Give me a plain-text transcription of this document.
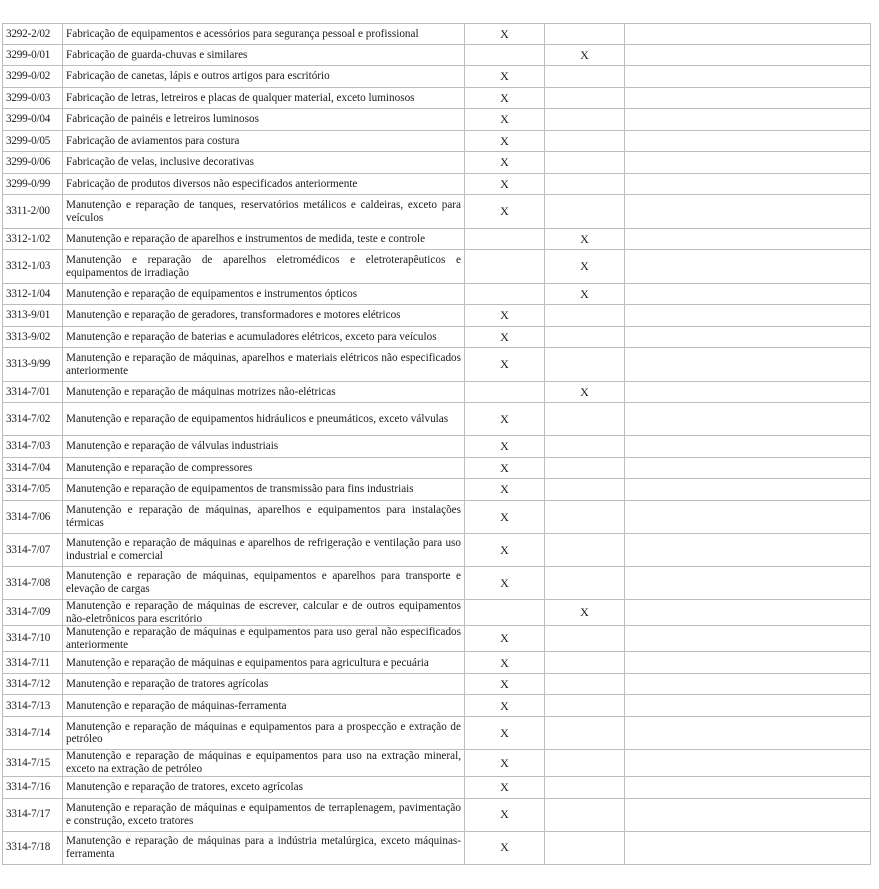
3292-2/02	Fabricação de equipamentos e acessórios para segurança pessoal e profissional	X		
3299-0/01	Fabricação de guarda-chuvas e similares		X	
3299-0/02	Fabricação de canetas, lápis e outros artigos para escritório	X		
3299-0/03	Fabricação de letras, letreiros e placas de qualquer material, exceto luminosos	X		
3299-0/04	Fabricação de painéis e letreiros luminosos	X		
3299-0/05	Fabricação de aviamentos para costura	X		
3299-0/06	Fabricação de velas, inclusive decorativas	X		
3299-0/99	Fabricação de produtos diversos não especificados anteriormente	X		
3311-2/00	Manutenção e reparação de tanques, reservatórios metálicos e caldeiras, exceto para veículos	X		
3312-1/02	Manutenção e reparação de aparelhos e instrumentos de medida, teste e controle		X	
3312-1/03	Manutenção e reparação de aparelhos eletromédicos e eletroterapêuticos e equipamentos de irradiação		X	
3312-1/04	Manutenção e reparação de equipamentos e instrumentos ópticos		X	
3313-9/01	Manutenção e reparação de geradores, transformadores e motores elétricos	X		
3313-9/02	Manutenção e reparação de baterias e acumuladores elétricos, exceto para veículos	X		
3313-9/99	Manutenção e reparação de máquinas, aparelhos e materiais elétricos não especificados anteriormente	X		
3314-7/01	Manutenção e reparação de máquinas motrizes não-elétricas		X	
3314-7/02	Manutenção e reparação de equipamentos hidráulicos e pneumáticos, exceto válvulas	X		
3314-7/03	Manutenção e reparação de válvulas industriais	X		
3314-7/04	Manutenção e reparação de compressores	X		
3314-7/05	Manutenção e reparação de equipamentos de transmissão para fins industriais	X		
3314-7/06	Manutenção e reparação de máquinas, aparelhos e equipamentos para instalações térmicas	X		
3314-7/07	Manutenção e reparação de máquinas e aparelhos de refrigeração e ventilação para uso industrial e comercial	X		
3314-7/08	Manutenção e reparação de máquinas, equipamentos e aparelhos para transporte e elevação de cargas	X		
3314-7/09	Manutenção e reparação de máquinas de escrever, calcular e de outros equipamentos não-eletrônicos para escritório		X	
3314-7/10	Manutenção e reparação de máquinas e equipamentos para uso geral não especificados anteriormente	X		
3314-7/11	Manutenção e reparação de máquinas e equipamentos para agricultura e pecuária	X		
3314-7/12	Manutenção e reparação de tratores agrícolas	X		
3314-7/13	Manutenção e reparação de máquinas-ferramenta	X		
3314-7/14	Manutenção e reparação de máquinas e equipamentos para a prospecção e extração de petróleo	X		
3314-7/15	Manutenção e reparação de máquinas e equipamentos para uso na extração mineral, exceto na extração de petróleo	X		
3314-7/16	Manutenção e reparação de tratores, exceto agrícolas	X		
3314-7/17	Manutenção e reparação de máquinas e equipamentos de terraplenagem, pavimentação e construção, exceto tratores	X		
3314-7/18	Manutenção e reparação de máquinas para a indústria metalúrgica, exceto máquinas-ferramenta	X		
